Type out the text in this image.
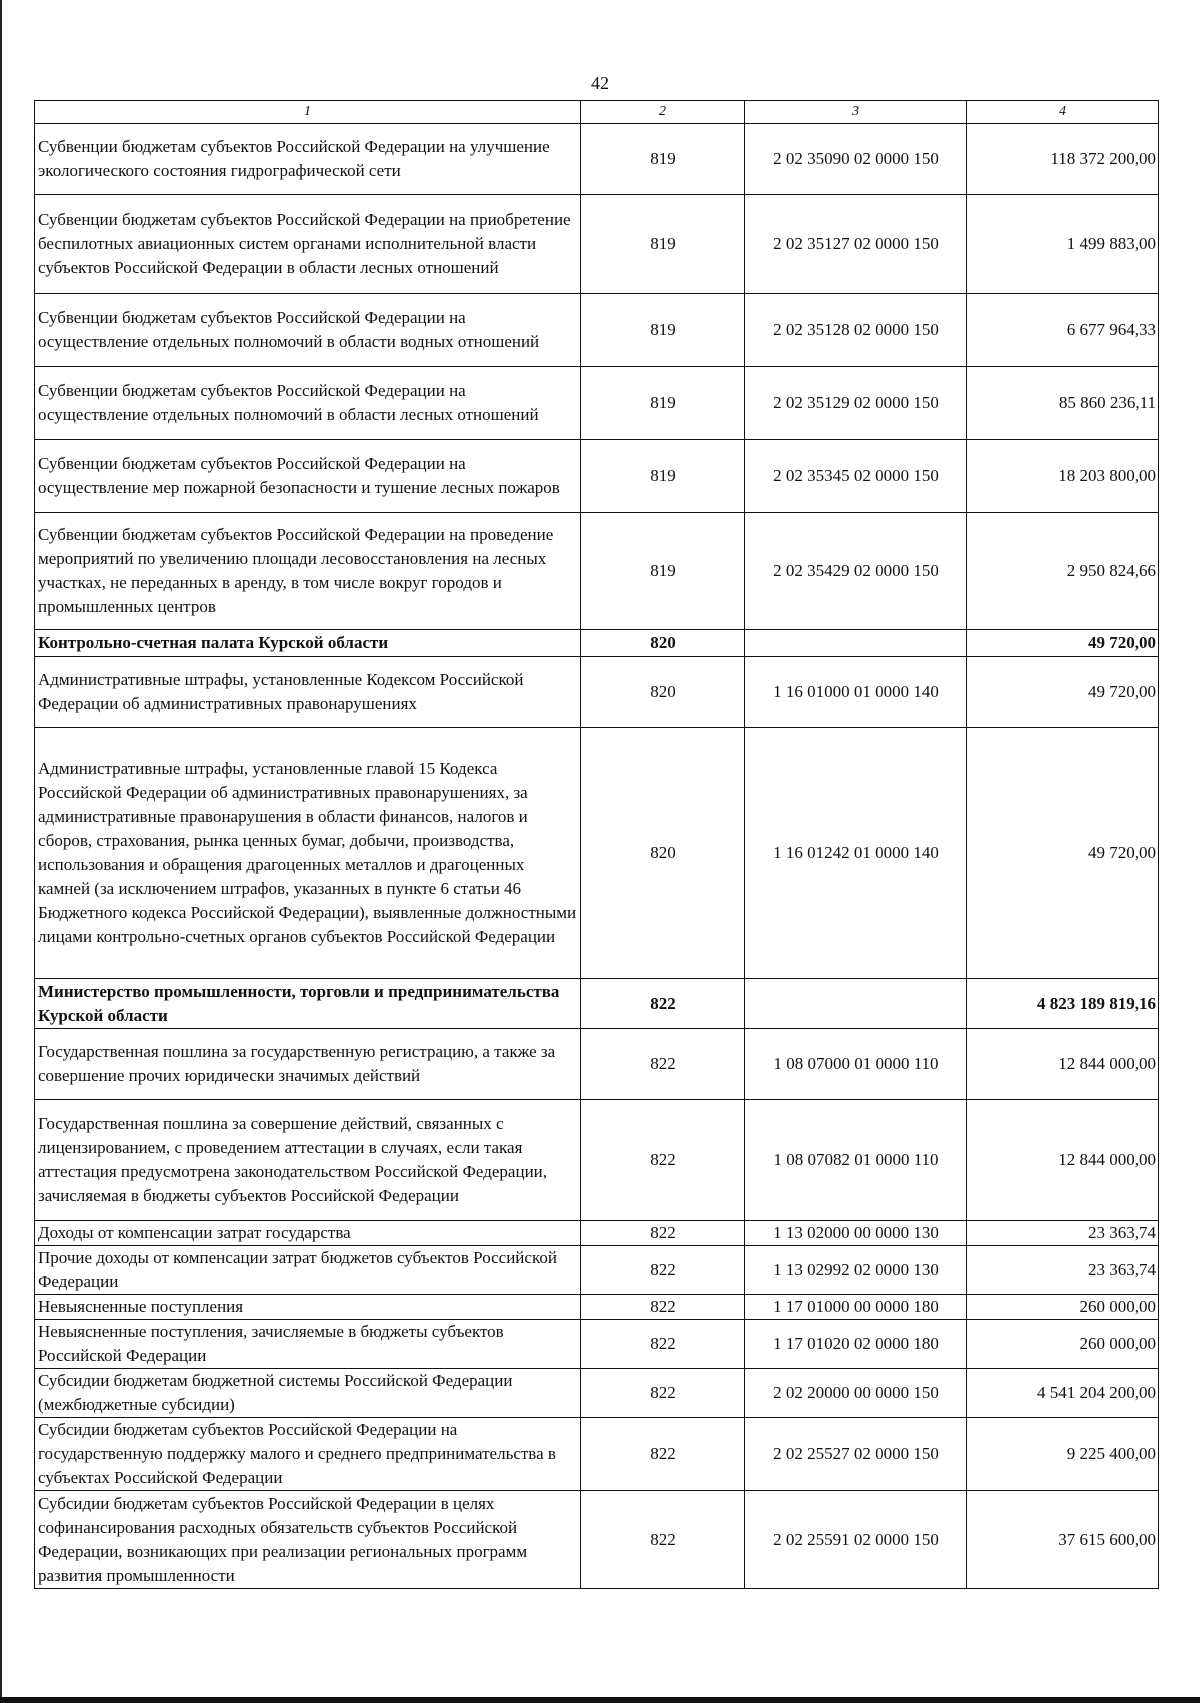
42
1	2	3	4
Субвенции бюджетам субъектов Российской Федерации на улучшение экологического состояния гидрографической сети	819	2 02 35090 02 0000 150	118 372 200,00
Субвенции бюджетам субъектов Российской Федерации на приобретение беспилотных авиационных систем органами исполнительной власти субъектов Российской Федерации в области лесных отношений	819	2 02 35127 02 0000 150	1 499 883,00
Субвенции бюджетам субъектов Российской Федерации на осуществление отдельных полномочий в области водных отношений	819	2 02 35128 02 0000 150	6 677 964,33
Субвенции бюджетам субъектов Российской Федерации на осуществление отдельных полномочий в области лесных отношений	819	2 02 35129 02 0000 150	85 860 236,11
Субвенции бюджетам субъектов Российской Федерации на осуществление мер пожарной безопасности и тушение лесных пожаров	819	2 02 35345 02 0000 150	18 203 800,00
Субвенции бюджетам субъектов Российской Федерации на проведение мероприятий по увеличению площади лесовосстановления на лесных участках, не переданных в аренду, в том числе вокруг городов и промышленных центров	819	2 02 35429 02 0000 150	2 950 824,66
Контрольно-счетная палата Курской области	820		49 720,00
Административные штрафы, установленные Кодексом Российской Федерации об административных правонарушениях	820	1 16 01000 01 0000 140	49 720,00
Административные штрафы, установленные главой 15 Кодекса Российской Федерации об административных правонарушениях, за административные правонарушения в области финансов, налогов и сборов, страхования, рынка ценных бумаг, добычи, производства, использования и обращения драгоценных металлов и драгоценных камней (за исключением штрафов, указанных в пункте 6 статьи 46 Бюджетного кодекса Российской Федерации), выявленные должностными лицами контрольно-счетных органов субъектов Российской Федерации	820	1 16 01242 01 0000 140	49 720,00
Министерство промышленности, торговли и предпринимательства Курской области	822		4 823 189 819,16
Государственная пошлина за государственную регистрацию, а также за совершение прочих юридически значимых действий	822	1 08 07000 01 0000 110	12 844 000,00
Государственная пошлина за совершение действий, связанных с лицензированием, с проведением аттестации в случаях, если такая аттестация предусмотрена законодательством Российской Федерации, зачисляемая в бюджеты субъектов Российской Федерации	822	1 08 07082 01 0000 110	12 844 000,00
Доходы от компенсации затрат государства	822	1 13 02000 00 0000 130	23 363,74
Прочие доходы от компенсации затрат бюджетов субъектов Российской Федерации	822	1 13 02992 02 0000 130	23 363,74
Невыясненные поступления	822	1 17 01000 00 0000 180	260 000,00
Невыясненные поступления, зачисляемые в бюджеты субъектов Российской Федерации	822	1 17 01020 02 0000 180	260 000,00
Субсидии бюджетам бюджетной системы Российской Федерации (межбюджетные субсидии)	822	2 02 20000 00 0000 150	4 541 204 200,00
Субсидии бюджетам субъектов Российской Федерации на государственную поддержку малого и среднего предпринимательства в субъектах Российской Федерации	822	2 02 25527 02 0000 150	9 225 400,00
Субсидии бюджетам субъектов Российской Федерации в целях софинансирования расходных обязательств субъектов Российской Федерации, возникающих при реализации региональных программ развития промышленности	822	2 02 25591 02 0000 150	37 615 600,00
